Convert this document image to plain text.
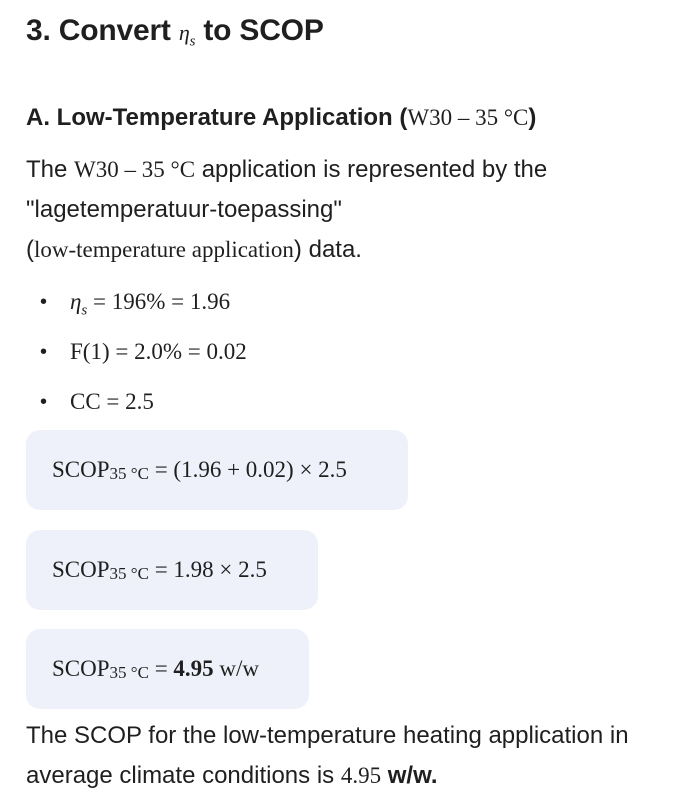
3. Convert $\eta_s$ to SCOP
A. Low-Temperature Application (W30 – 35 °C)
The W30 – 35 °C application is represented by the "lagetemperatuur-toepassing"
(low-temperature application) data.
• $\eta_s = 196\% = 1.96$
• F(1) = 2.0% = 0.02
• CC = 2.5
$SCOP_{35 ^\circ C} = (1.96 + 0.02) \times 2.5$
$SCOP_{35 ^\circ C} = 1.98 \times 2.5$
$SCOP_{35 ^\circ C} = 4.95$ w/w
The SCOP for the low-temperature heating application in average climate conditions is 4.95 w/w.
